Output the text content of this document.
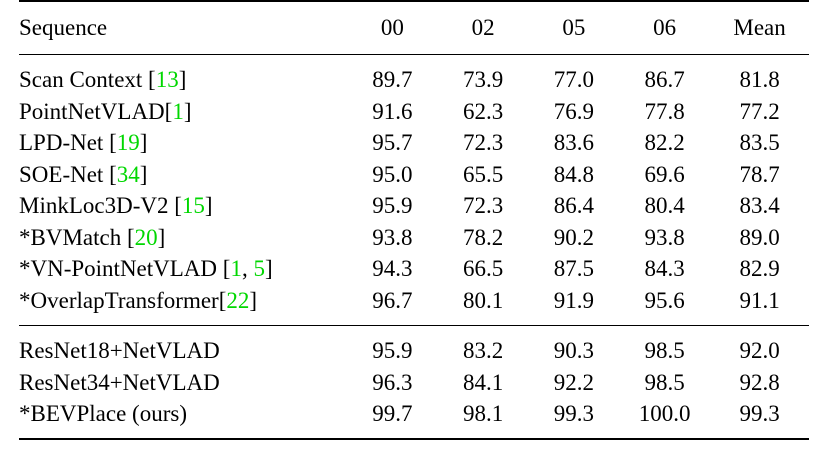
Sequence	00	02	05	06	Mean

Scan Context [13]	89.7	73.9	77.0	86.7	81.8
PointNetVLAD[1]	91.6	62.3	76.9	77.8	77.2
LPD-Net [19]	95.7	72.3	83.6	82.2	83.5
SOE-Net [34]	95.0	65.5	84.8	69.6	78.7
MinkLoc3D-V2 [15]	95.9	72.3	86.4	80.4	83.4
*BVMatch [20]	93.8	78.2	90.2	93.8	89.0
*VN-PointNetVLAD [1, 5]	94.3	66.5	87.5	84.3	82.9
*OverlapTransformer[22]	96.7	80.1	91.9	95.6	91.1

ResNet18+NetVLAD	95.9	83.2	90.3	98.5	92.0
ResNet34+NetVLAD	96.3	84.1	92.2	98.5	92.8
*BEVPlace (ours)	99.7	98.1	99.3	100.0	99.3
